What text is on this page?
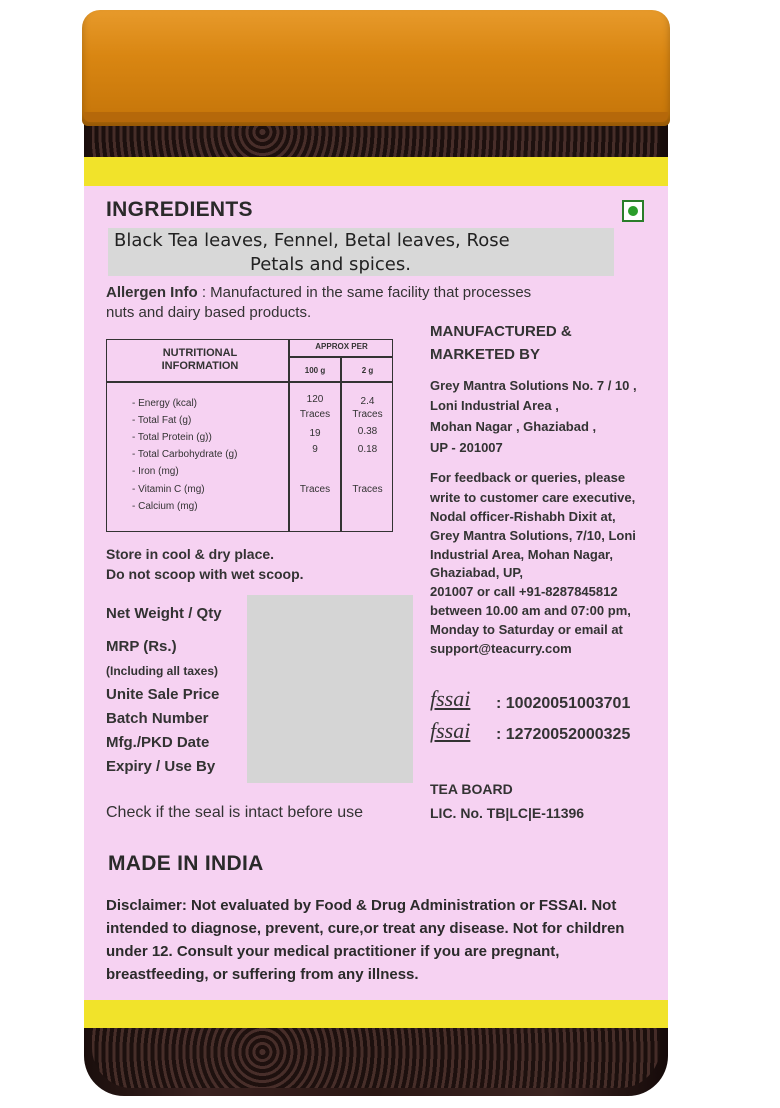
INGREDIENTS
Black Tea leaves, Fennel, Betal leaves, Rose
Petals and spices.
Allergen Info : Manufactured in the same facility that processes
nuts and dairy based products.
NUTRITIONAL
INFORMATION
APPROX PER
100 g	2 g
- Energy (kcal)
- Total Fat (g)
- Total Protein (g))
- Total Carbohydrate (g)
- Iron (mg)
- Vitamin C (mg)
- Calcium (mg)
120
Traces
19
9
Traces
2.4
Traces
0.38
0.18
Traces
Store in cool & dry place.
Do not scoop with wet scoop.
Net Weight / Qty
MRP (Rs.)
(Including all taxes)
Unite Sale Price
Batch Number
Mfg./PKD Date
Expiry / Use By
Check if the seal is intact before use
MANUFACTURED &
MARKETED BY
Grey Mantra Solutions No. 7 / 10 ,
Loni Industrial Area ,
Mohan Nagar , Ghaziabad ,
UP - 201007
For feedback or queries, please
write to customer care executive,
Nodal officer-Rishabh Dixit at,
Grey Mantra Solutions, 7/10, Loni
Industrial Area, Mohan Nagar,
Ghaziabad, UP,
201007 or call +91-8287845812
between 10.00 am and 07:00 pm,
Monday to Saturday or email at
support@teacurry.com
fssai : 10020051003701
fssai : 12720052000325
TEA BOARD
LIC. No. TB|LC|E-11396
MADE IN INDIA
Disclaimer: Not evaluated by Food & Drug Administration or FSSAI. Not intended to diagnose, prevent, cure,or treat any disease. Not for children under 12. Consult your medical practitioner if you are pregnant, breastfeeding, or suffering from any illness.
